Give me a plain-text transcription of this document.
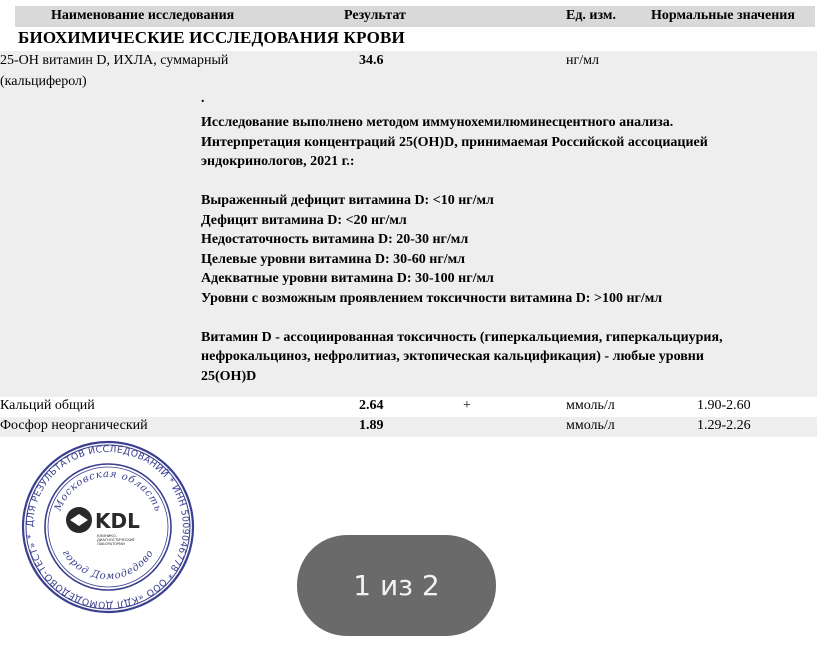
Наименование исследования	Результат	Ед. изм.	Нормальные значения
БИОХИМИЧЕСКИЕ ИССЛЕДОВАНИЯ КРОВИ
25-ОН витамин D, ИХЛА, суммарный
(кальциферол)
34.6	нг/мл
.
Исследование выполнено методом иммунохемилюминесцентного анализа.
Интерпретация концентраций 25(OH)D, принимаемая Российской ассоциацией
эндокринологов, 2021 г.:
Выраженный дефицит витамина D: <10 нг/мл
Дефицит витамина D: <20 нг/мл
Недостаточность витамина D: 20-30 нг/мл
Целевые уровни витамина D: 30-60 нг/мл
Адекватные уровни витамина D: 30-100 нг/мл
Уровни с возможным проявлением токсичности витамина D: >100 нг/мл
Витамин D - ассоциированная токсичность (гиперкальциемия, гиперкальциурия,
нефрокальциноз, нефролитиаз, эктопическая кальцификация) - любые уровни
25(OH)D
Кальций общий	2.64	+	ммоль/л	1.90-2.60
Фосфор неорганический	1.89	ммоль/л	1.29-2.26
ДЛЯ РЕЗУЛЬТАТОВ ИССЛЕДОВАНИЙ * ИНН 5009046778 * ООО «КДЛ ДОМОДЕДОВО-ТЕСТ» *
Московская область
город Домодедово
KDL
КЛИНИКО-
ДИАГНОСТИЧЕСКИЕ
ЛАБОРАТОРИИ
1 из 2
